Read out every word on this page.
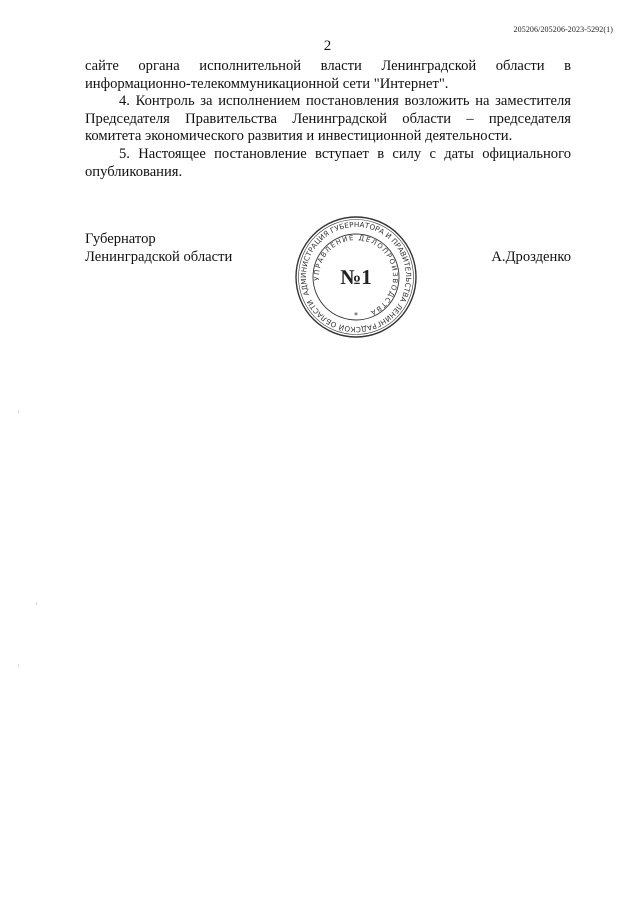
205206/205206-2023-5292(1)
2

сайте органа исполнительной власти Ленинградской области в информационно-телекоммуникационной сети "Интернет".

4. Контроль за исполнением постановления возложить на заместителя Председателя Правительства Ленинградской области – председателя комитета экономического развития и инвестиционной деятельности.

5. Настоящее постановление вступает в силу с даты официального опубликования.

Губернатор
Ленинградской области
АДМИНИСТРАЦИЯ ГУБЕРНАТОРА И ПРАВИТЕЛЬСТВА ЛЕНИНГРАДСКОЙ ОБЛАСТИ
УПРАВЛЕНИЕ ДЕЛОПРОИЗВОДСТВА
№1
*
А.Дрозденко
